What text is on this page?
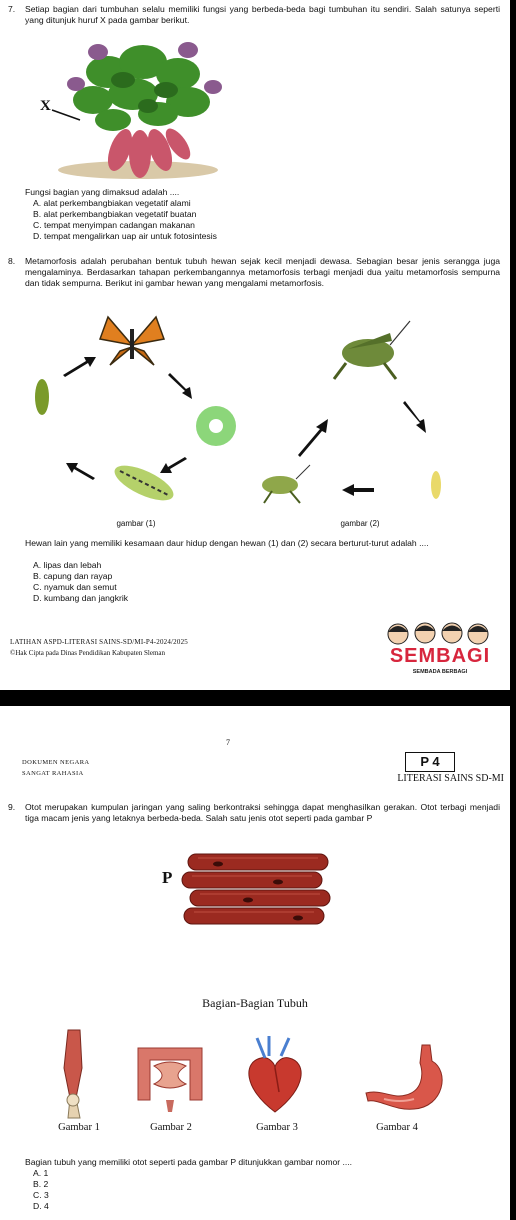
7. Setiap bagian dari tumbuhan selalu memiliki fungsi yang berbeda-beda bagi tumbuhan itu sendiri. Salah satunya seperti yang ditunjuk huruf X pada gambar berikut.
X
Fungsi bagian yang dimaksud adalah ....
A. alat perkembangbiakan vegetatif alami
B. alat perkembangbiakan vegetatif buatan
C. tempat menyimpan cadangan makanan
D. tempat mengalirkan uap air untuk fotosintesis
8. Metamorfosis adalah perubahan bentuk tubuh hewan sejak kecil menjadi dewasa. Sebagian besar jenis serangga juga mengalaminya. Berdasarkan tahapan perkembangannya metamorfosis terbagi menjadi dua yaitu metamorfosis sempurna dan tidak sempurna. Berikut ini gambar hewan yang mengalami metamorfosis.
gambar (1)	gambar (2)
Hewan lain yang memiliki kesamaan daur hidup dengan hewan (1) dan (2) secara berturut-turut adalah ....
A. lipas dan lebah
B. capung dan rayap
C. nyamuk dan semut
D. kumbang dan jangkrik
LATIHAN ASPD-LITERASI SAINS-SD/MI-P4-2024/2025
©Hak Cipta pada Dinas Pendidikan Kabupaten Sleman	SEMBAGI
SEMBADA BERBAGI
7
DOKUMEN NEGARA
SANGAT RAHASIA
P 4
LITERASI SAINS SD-MI
9. Otot merupakan kumpulan jaringan yang saling berkontraksi sehingga dapat menghasilkan gerakan. Otot terbagi menjadi tiga macam jenis yang letaknya berbeda-beda. Salah satu jenis otot seperti pada gambar P
P
Bagian-Bagian Tubuh
Gambar 1	Gambar 2	Gambar 3	Gambar 4
Bagian tubuh yang memiliki otot seperti pada gambar P ditunjukkan gambar nomor ....
A. 1
B. 2
C. 3
D. 4
